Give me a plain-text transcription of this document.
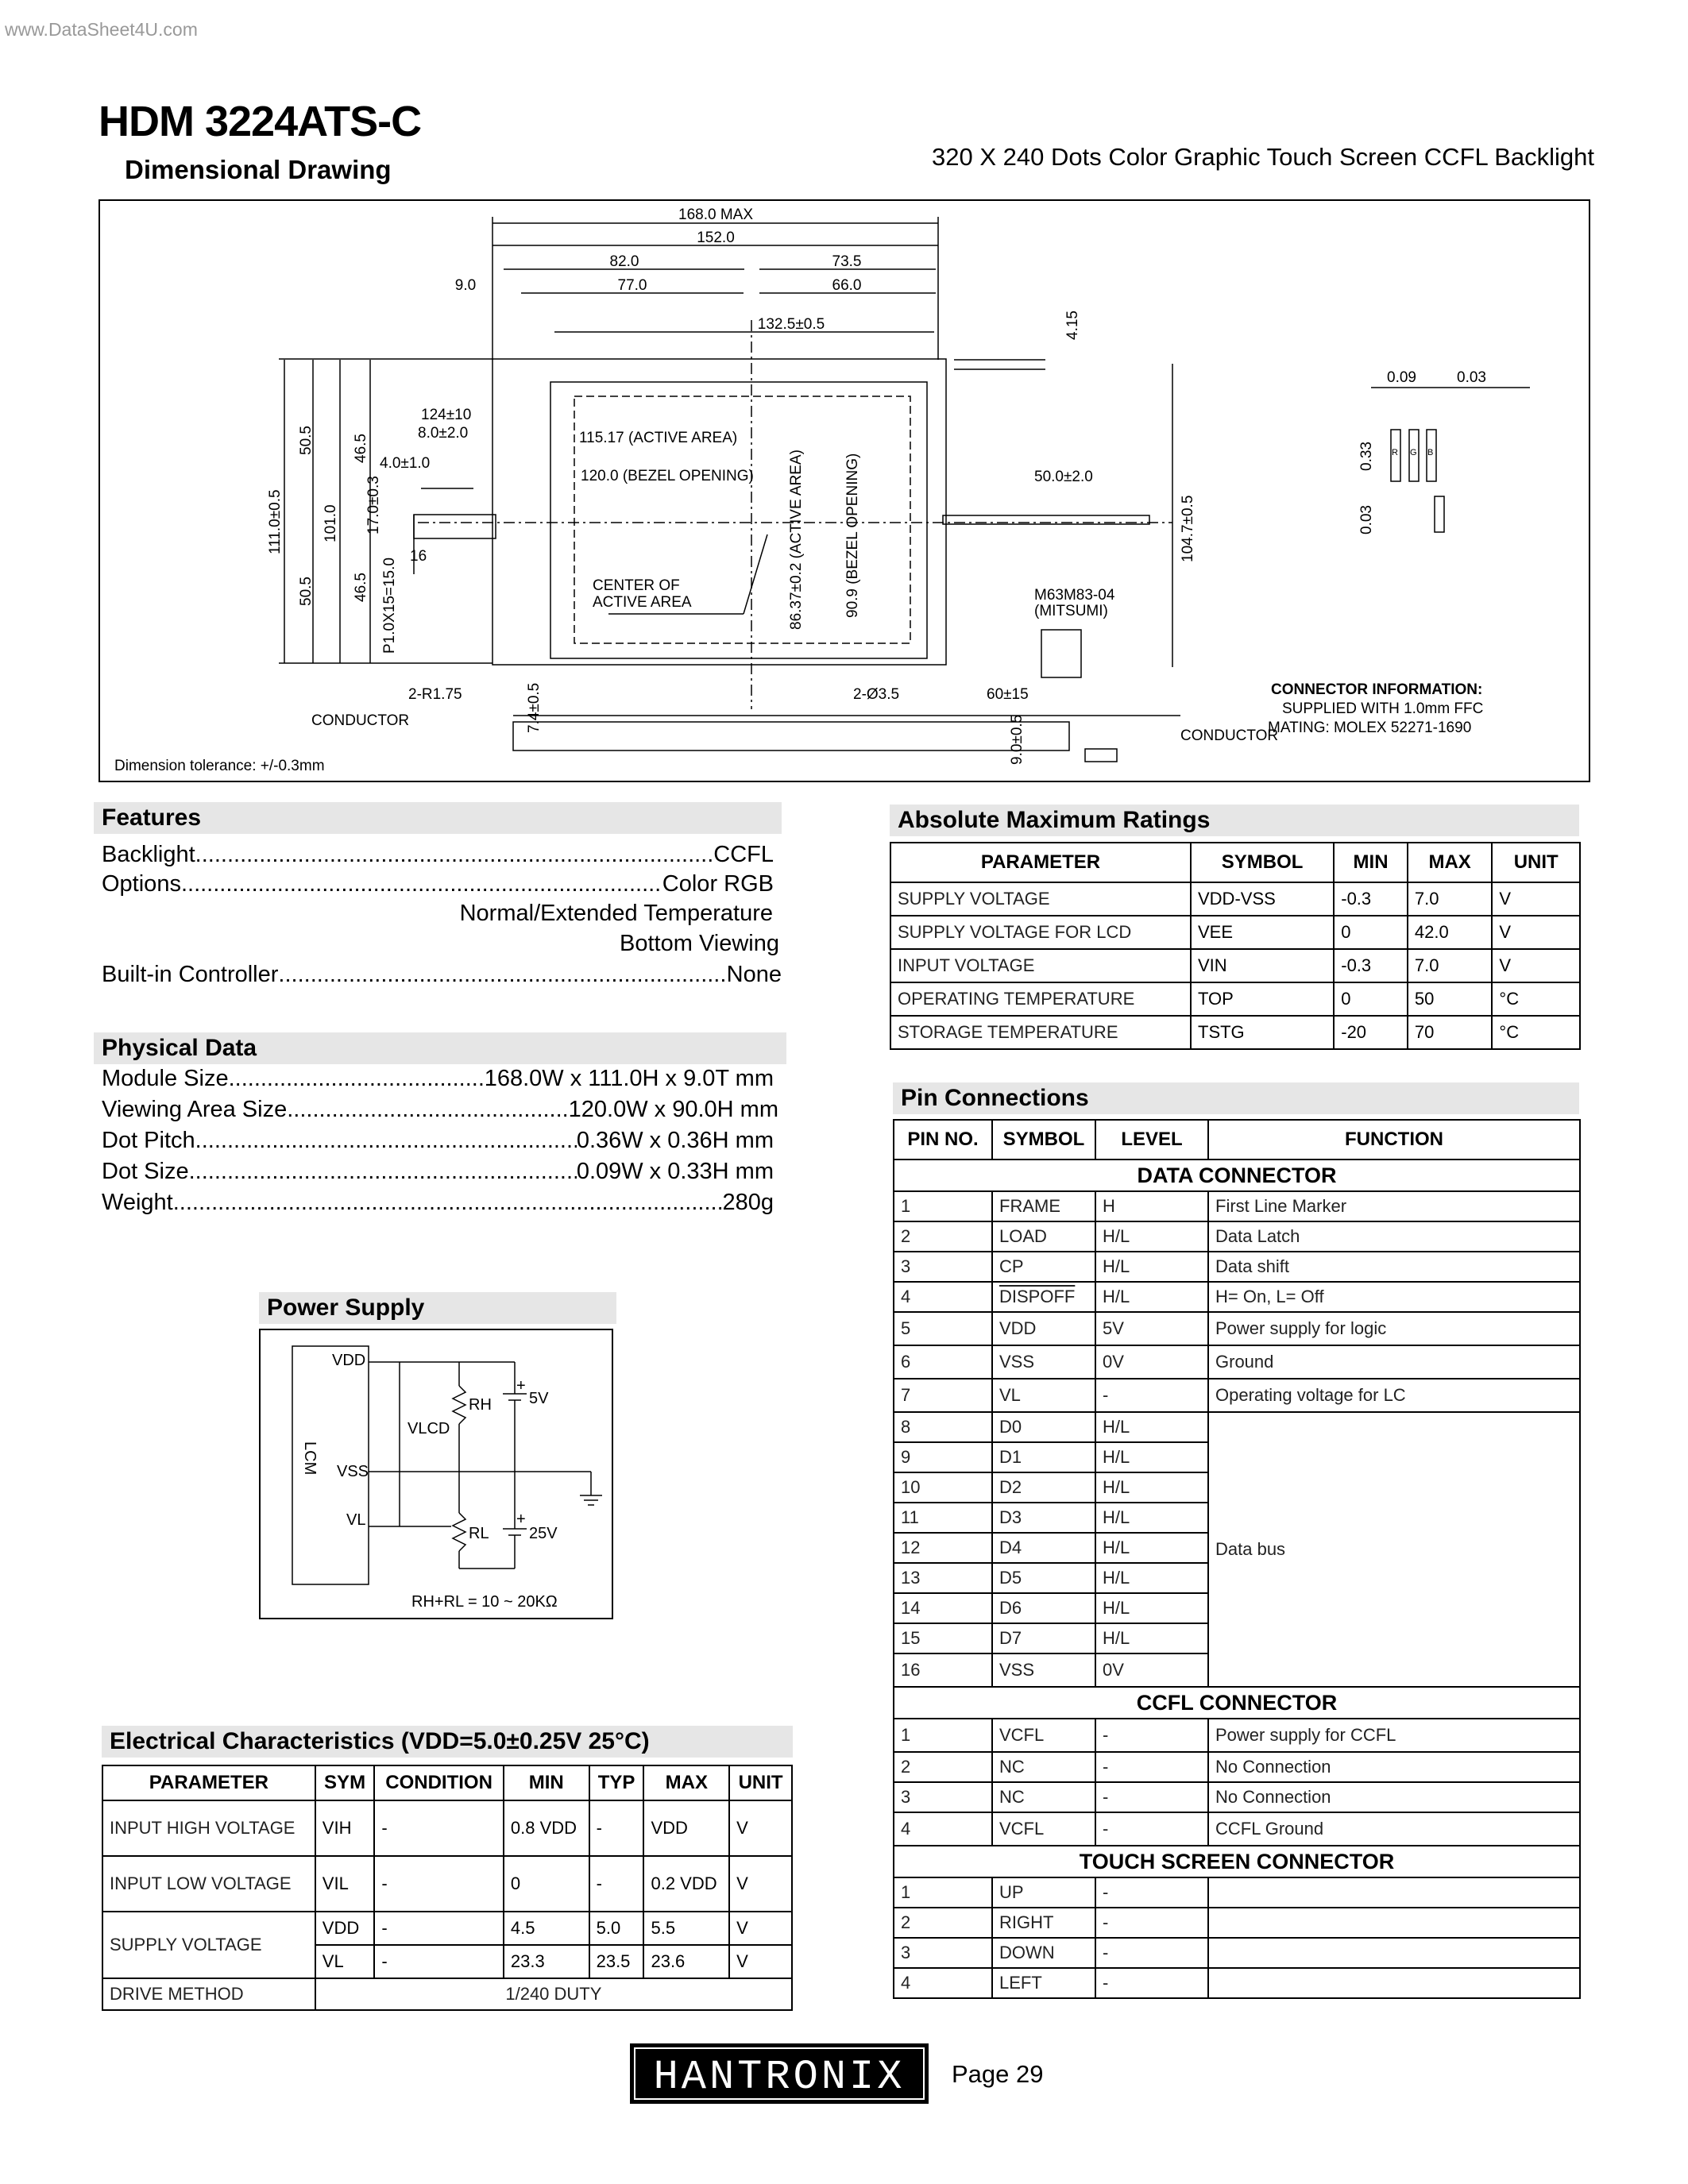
www.DataSheet4U.com
HDM 3224ATS-C
Dimensional Drawing	320 X 240 Dots Color Graphic Touch Screen CCFL Backlight
168.0 MAX
152.0
82.0	73.5
9.0	77.0	66.0
132.5±0.5	4.15
0.09	0.03
0.33
0.03
R G B
124±10
8.0±2.0
4.0±1.0
17.0±0.3
16
P1.0X15=15.0
50.5	46.5
111.0±0.5	101.0
50.5	46.5
115.17 (ACTIVE AREA)
120.0 (BEZEL OPENING) 86.37±0.2 (ACTIVE AREA)	90.9 (BEZEL OPENING)
CENTER OF
ACTIVE AREA
50.0±2.0
104.7±0.5
M63M83-04
(MITSUMI)
2-R1.75	7.4±0.5	2-Ø3.5	60±15
9.0±0.5
CONDUCTOR
CONDUCTOR
CONNECTOR INFORMATION:
SUPPLIED WITH 1.0mm FFC
MATING: MOLEX 52271-1690
Dimension tolerance: +/-0.3mm
Features
Backlight .....	CCFL
Options .....	Color RGB
Normal/Extended Temperature
Bottom Viewing
Built-in Controller .....	None
Physical Data
Module Size .....	168.0W x 111.0H x 9.0T mm
Viewing Area Size .....	120.0W x 90.0H mm
Dot Pitch .....	0.36W x 0.36H mm
Dot Size .....	0.09W x 0.33H mm
Weight .....	280g
Power Supply
VDD
LCM VSS
VL
VLCD
RH
RL
5V
25V
+
+
RH+RL = 10 ~ 20KΩ
Electrical Characteristics (VDD=5.0±0.25V 25°C)
PARAMETER	SYM	CONDITION	MIN	TYP	MAX	UNIT
INPUT HIGH VOLTAGE	VIH	-	0.8 VDD	-	VDD	V
INPUT LOW VOLTAGE	VIL	-	0	-	0.2 VDD	V
SUPPLY VOLTAGE	VDD	-	4.5	5.0	5.5	V
	VL	-	23.3	23.5	23.6	V
DRIVE METHOD	1/240 DUTY					
Absolute Maximum Ratings
PARAMETER	SYMBOL	MIN	MAX	UNIT
SUPPLY VOLTAGE	VDD-VSS	-0.3	7.0	V
SUPPLY VOLTAGE FOR LCD	VEE	0	42.0	V
INPUT VOLTAGE	VIN	-0.3	7.0	V
OPERATING TEMPERATURE	TOP	0	50	°C
STORAGE TEMPERATURE	TSTG	-20	70	°C
Pin Connections
PIN NO.	SYMBOL	LEVEL	FUNCTION
DATA CONNECTOR			
1	FRAME	H	First Line Marker
2	LOAD	H/L	Data Latch
3	CP	H/L	Data shift
4	DISPOFF	H/L	H= On, L= Off
5	VDD	5V	Power supply for logic
6	VSS	0V	Ground
7	VL	-	Operating voltage for LC
8	D0	H/L	Data bus
9	D1	H/L	
10	D2	H/L	
11	D3	H/L	
12	D4	H/L	
13	D5	H/L	
14	D6	H/L	
15	D7	H/L	
16	VSS	0V	
CCFL CONNECTOR			
1	VCFL	-	Power supply for CCFL
2	NC	-	No Connection
3	NC	-	No Connection
4	VCFL	-	CCFL Ground
TOUCH SCREEN CONNECTOR			
1	UP	-	
2	RIGHT	-	
3	DOWN	-	
4	LEFT	-	
HANTRONIX Page 29
